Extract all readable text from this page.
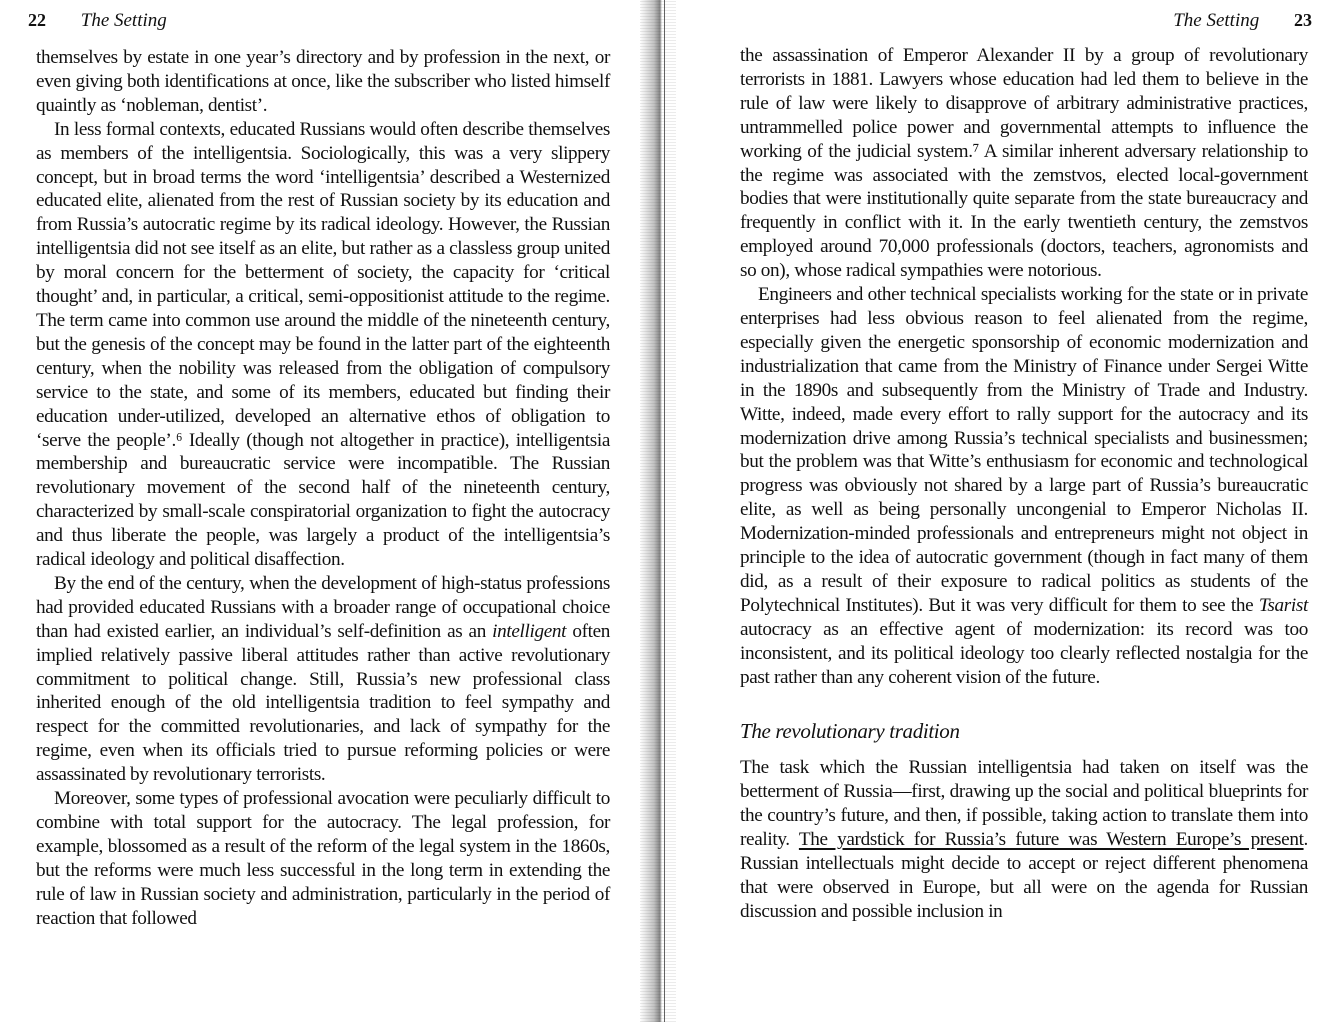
22 The Setting

themselves by estate in one year’s directory and by profession in the next, or even giving both identifications at once, like the subscriber who listed himself quaintly as ‘nobleman, dentist’.

In less formal contexts, educated Russians would often describe themselves as members of the intelligentsia. Sociologically, this was a very slippery concept, but in broad terms the word ‘intelligentsia’ described a Westernized educated elite, alienated from the rest of Russian society by its education and from Russia’s autocratic regime by its radical ideology. However, the Russian intelligentsia did not see itself as an elite, but rather as a classless group united by moral concern for the betterment of society, the capacity for ‘critical thought’ and, in particular, a critical, semi-oppositionist attitude to the regime. The term came into common use around the middle of the nineteenth century, but the genesis of the concept may be found in the latter part of the eighteenth century, when the nobility was released from the obligation of compulsory service to the state, and some of its members, educated but finding their education under-utilized, developed an alternative ethos of obligation to ‘serve the people’.⁶ Ideally (though not altogether in practice), intelligentsia membership and bureaucratic service were incompatible. The Russian revolutionary movement of the second half of the nineteenth century, characterized by small-scale conspiratorial organization to fight the autocracy and thus liberate the people, was largely a product of the intelligentsia’s radical ideology and political disaffection.

By the end of the century, when the development of high-status professions had provided educated Russians with a broader range of occupational choice than had existed earlier, an individual’s self-definition as an intelligent often implied relatively passive liberal attitudes rather than active revolutionary commitment to political change. Still, Russia’s new professional class inherited enough of the old intelligentsia tradition to feel sympathy and respect for the committed revolutionaries, and lack of sympathy for the regime, even when its officials tried to pursue reforming policies or were assassinated by revolutionary terrorists.

Moreover, some types of professional avocation were peculiarly difficult to combine with total support for the autocracy. The legal profession, for example, blossomed as a result of the reform of the legal system in the 1860s, but the reforms were much less successful in the long term in extending the rule of law in Russian society and administration, particularly in the period of reaction that followed

The Setting 23

the assassination of Emperor Alexander II by a group of revolutionary terrorists in 1881. Lawyers whose education had led them to believe in the rule of law were likely to disapprove of arbitrary administrative practices, untrammelled police power and governmental attempts to influence the working of the judicial system.⁷ A similar inherent adversary relationship to the regime was associated with the zemstvos, elected local-government bodies that were institutionally quite separate from the state bureaucracy and frequently in conflict with it. In the early twentieth century, the zemstvos employed around 70,000 professionals (doctors, teachers, agronomists and so on), whose radical sympathies were notorious.

Engineers and other technical specialists working for the state or in private enterprises had less obvious reason to feel alienated from the regime, especially given the energetic sponsorship of economic modernization and industrialization that came from the Ministry of Finance under Sergei Witte in the 1890s and subsequently from the Ministry of Trade and Industry. Witte, indeed, made every effort to rally support for the autocracy and its modernization drive among Russia’s technical specialists and businessmen; but the problem was that Witte’s enthusiasm for economic and technological progress was obviously not shared by a large part of Russia’s bureaucratic elite, as well as being personally uncongenial to Emperor Nicholas II. Modernization-minded professionals and entrepreneurs might not object in principle to the idea of autocratic government (though in fact many of them did, as a result of their exposure to radical politics as students of the Polytechnical Institutes). But it was very difficult for them to see the Tsarist autocracy as an effective agent of modernization: its record was too inconsistent, and its political ideology too clearly reflected nostalgia for the past rather than any coherent vision of the future.

The revolutionary tradition

The task which the Russian intelligentsia had taken on itself was the betterment of Russia—first, drawing up the social and political blueprints for the country’s future, and then, if possible, taking action to translate them into reality. The yardstick for Russia’s future was Western Europe’s present. Russian intellectuals might decide to accept or reject different phenomena that were observed in Europe, but all were on the agenda for Russian discussion and possible inclusion in
